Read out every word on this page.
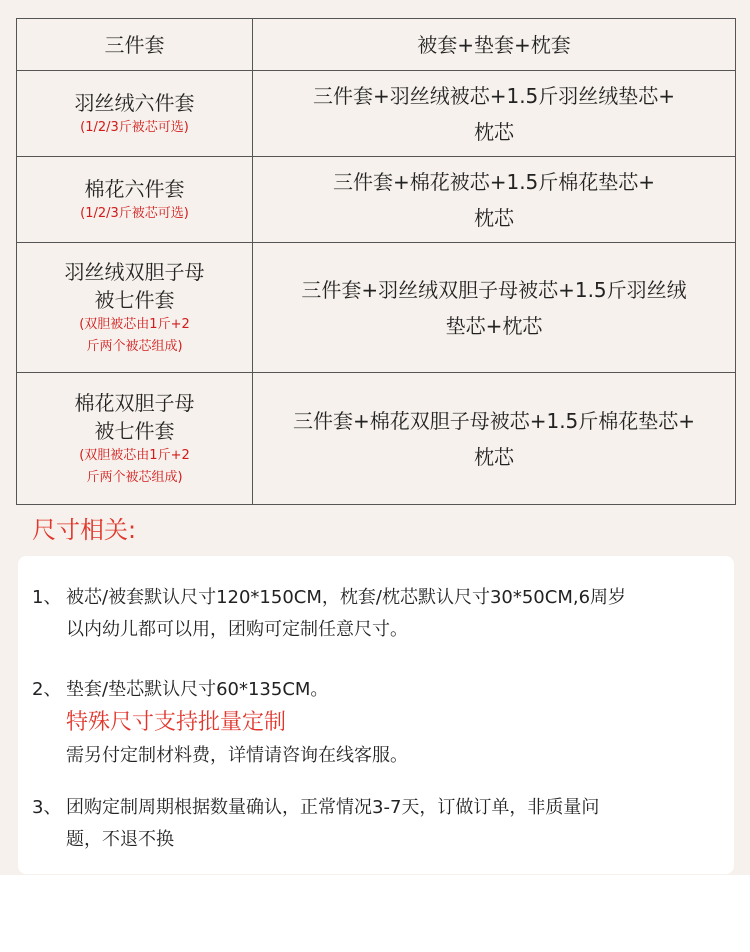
三件套	被套+垫套+枕套

羽丝绒六件套
(1/2/3斤被芯可选)	三件套+羽丝绒被芯+1.5斤羽丝绒垫芯+
枕芯

棉花六件套
(1/2/3斤被芯可选)	三件套+棉花被芯+1.5斤棉花垫芯+
枕芯

羽丝绒双胆子母
被七件套
(双胆被芯由1斤+2
斤两个被芯组成)	三件套+羽丝绒双胆子母被芯+1.5斤羽丝绒
垫芯+枕芯

棉花双胆子母
被七件套
(双胆被芯由1斤+2
斤两个被芯组成)	三件套+棉花双胆子母被芯+1.5斤棉花垫芯+
枕芯
尺寸相关:
1、 被芯/被套默认尺寸120*150CM，枕套/枕芯默认尺寸30*50CM,6周岁
以内幼儿都可以用，团购可定制任意尺寸。
2、 垫套/垫芯默认尺寸60*135CM。
特殊尺寸支持批量定制
需另付定制材料费，详情请咨询在线客服。
3、 团购定制周期根据数量确认，正常情况3-7天，订做订单，非质量问
题，不退不换
